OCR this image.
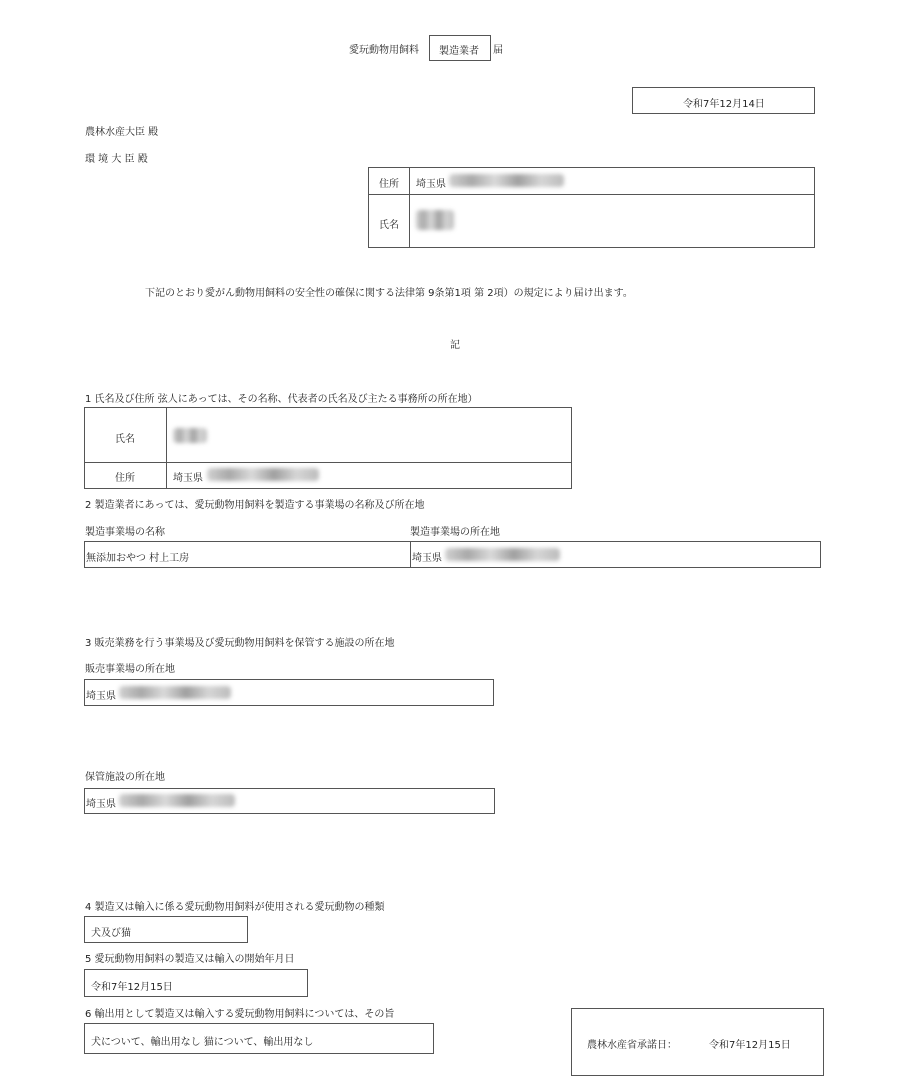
愛玩動物用飼料 製造業者 届
令和7年12月14日
農林水産大臣 殿
環 境 大 臣 殿
住所 埼玉県
氏名
下記のとおり愛がん動物用飼料の安全性の確保に関する法律第 9条第1項 第 2項）の規定により届け出ます。
記
1 氏名及び住所 弦人にあっては、その名称、代表者の氏名及び主たる事務所の所在地）
氏名
住所	埼玉県
2 製造業者にあっては、愛玩動物用飼料を製造する事業場の名称及び所在地
製造事業場の名称	製造事業場の所在地
無添加おやつ 村上工房	埼玉県
3 販売業務を行う事業場及び愛玩動物用飼料を保管する施設の所在地
販売事業場の所在地
埼玉県
保管施設の所在地
埼玉県
4 製造又は輸入に係る愛玩動物用飼料が使用される愛玩動物の種類
犬及び猫
5 愛玩動物用飼料の製造又は輸入の開始年月日
令和7年12月15日
6 輸出用として製造又は輸入する愛玩動物用飼料については、その旨
犬について、輸出用なし 猫について、輸出用なし	農林水産省承諾日：	令和7年12月15日
